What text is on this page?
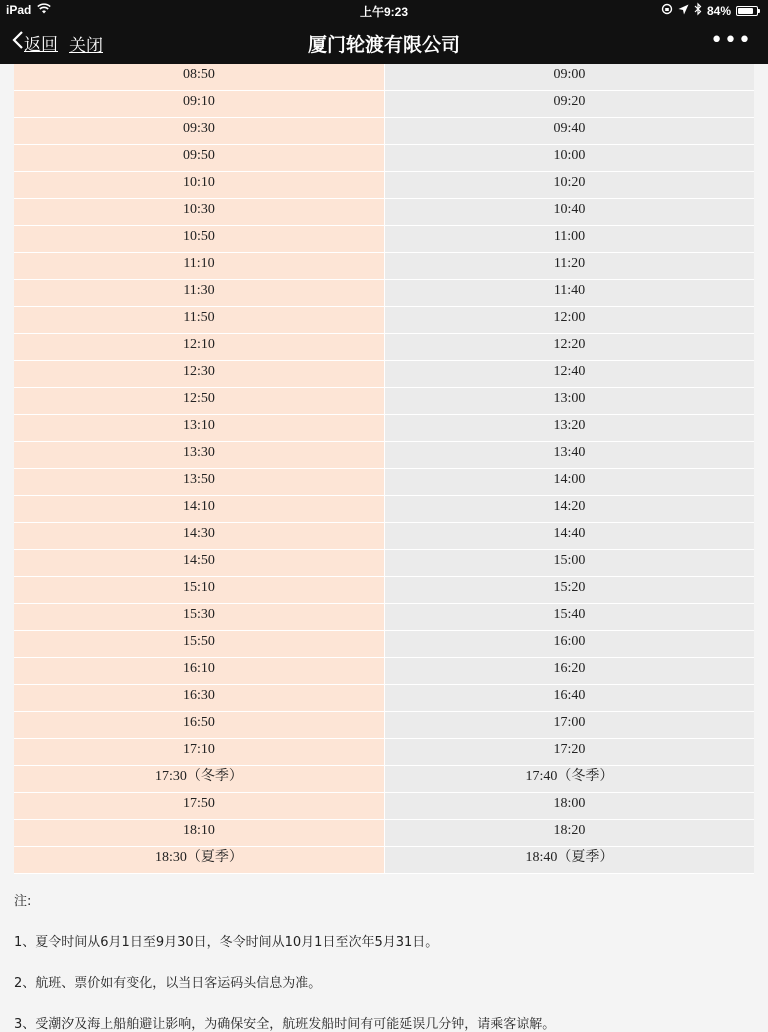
iPad	上午9:23	84%
返回 关闭	厦门轮渡有限公司	•••
08:50	09:00
09:10	09:20
09:30	09:40
09:50	10:00
10:10	10:20
10:30	10:40
10:50	11:00
11:10	11:20
11:30	11:40
11:50	12:00
12:10	12:20
12:30	12:40
12:50	13:00
13:10	13:20
13:30	13:40
13:50	14:00
14:10	14:20
14:30	14:40
14:50	15:00
15:10	15:20
15:30	15:40
15:50	16:00
16:10	16:20
16:30	16:40
16:50	17:00
17:10	17:20
17:30（冬季）	17:40（冬季）
17:50	18:00
18:10	18:20
18:30（夏季）	18:40（夏季）
注:
1、夏令时间从6月1日至9月30日，冬令时间从10月1日至次年5月31日。
2、航班、票价如有变化，以当日客运码头信息为准。
3、受潮汐及海上船舶避让影响，为确保安全，航班发船时间有可能延误几分钟，请乘客谅解。
